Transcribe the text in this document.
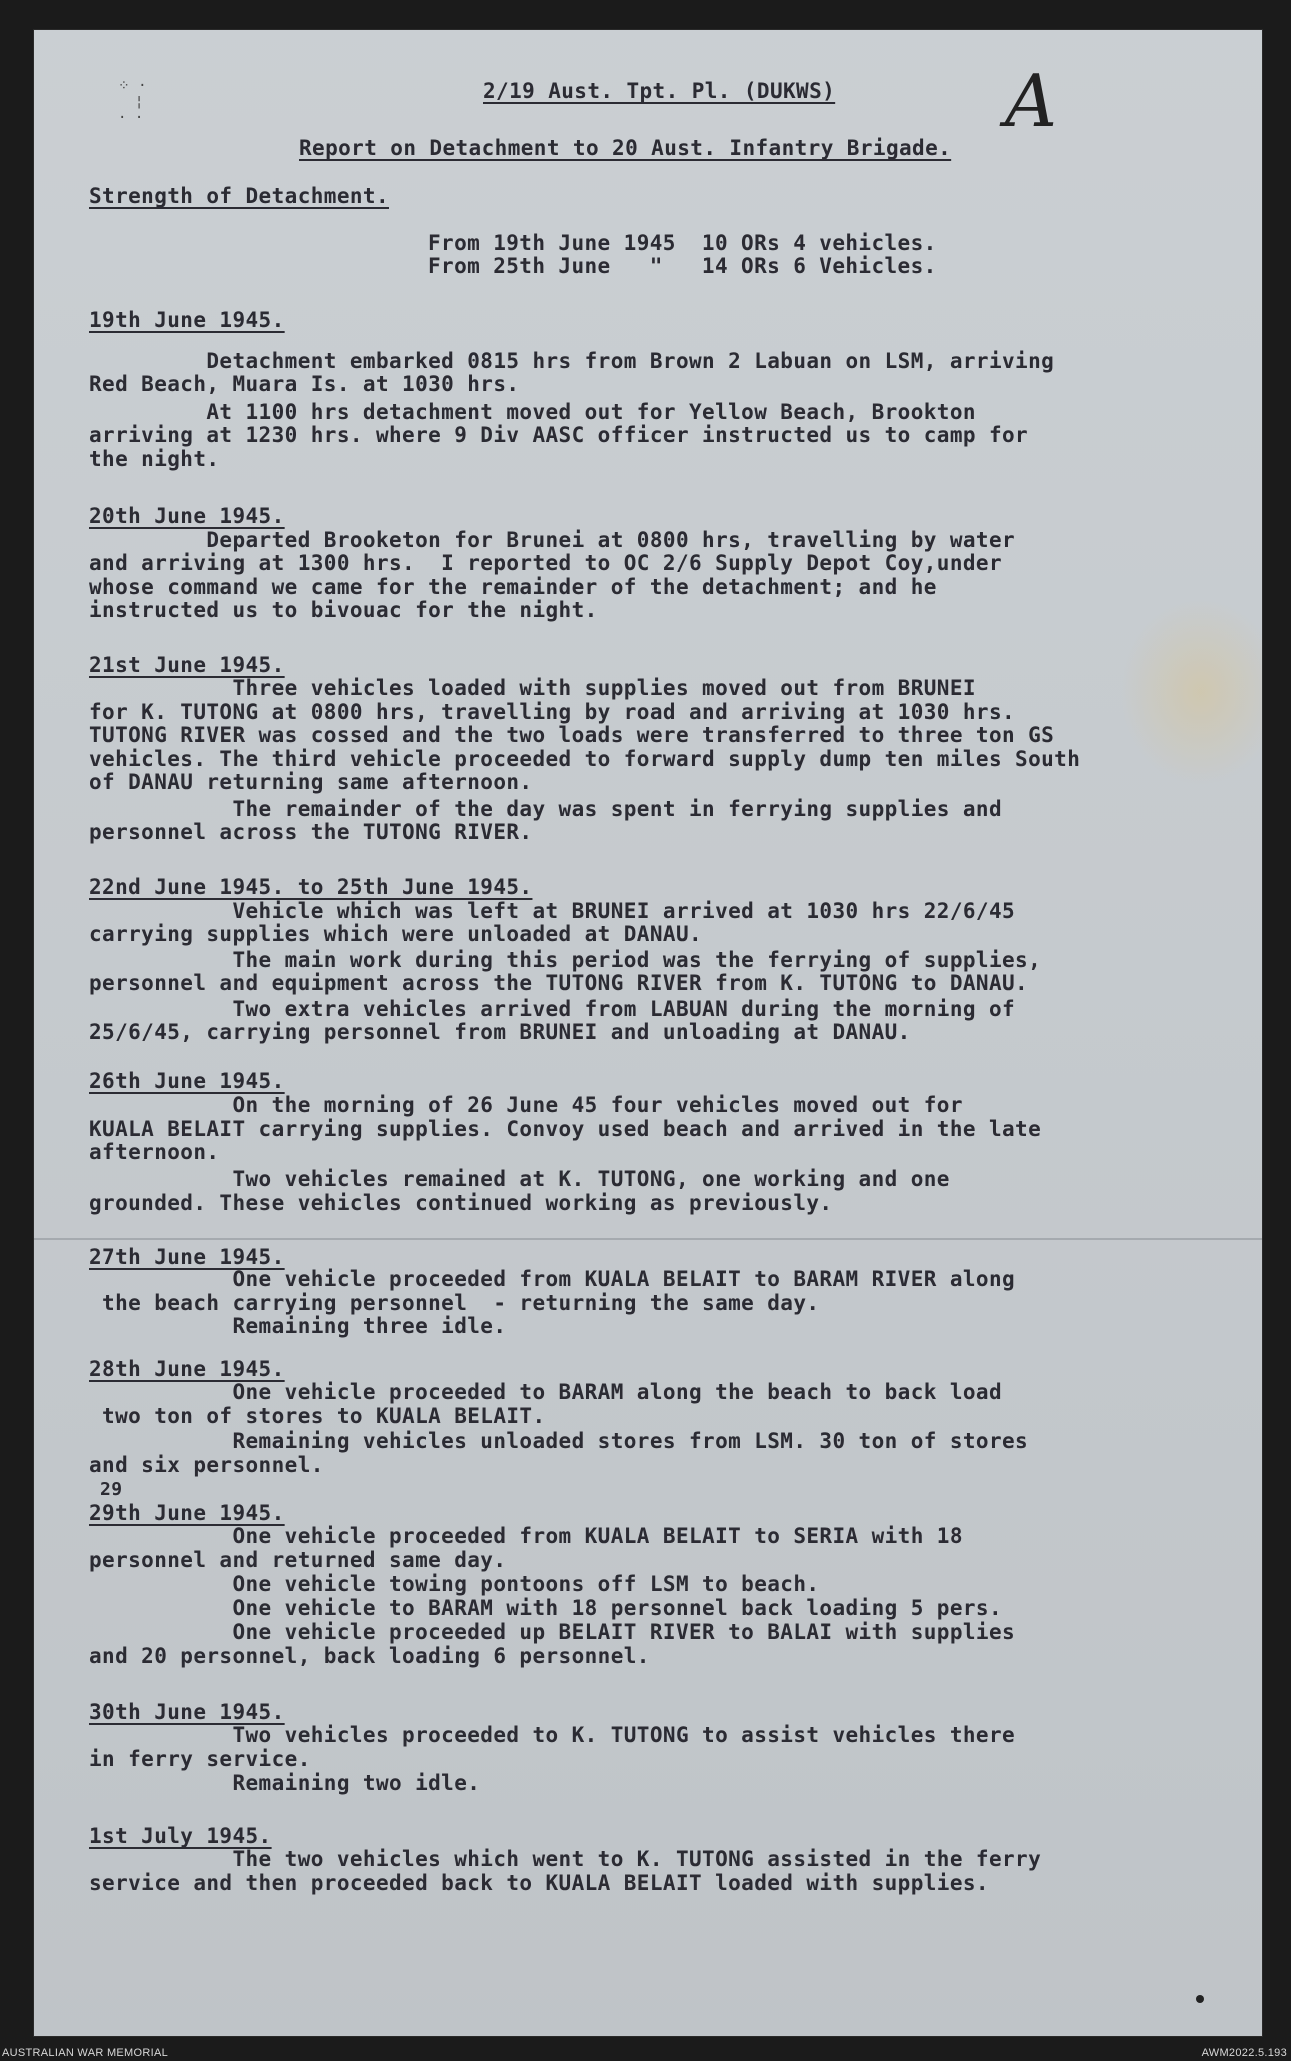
⁘ ·
¦
· ·
2/19 Aust. Tpt. Pl. (DUKWS)
Report on Detachment to 20 Aust. Infantry Brigade.
A
Strength of Detachment.
From 19th June 1945  10 ORs 4 vehicles.
From 25th June   "   14 ORs 6 Vehicles.
19th June 1945.
Detachment embarked 0815 hrs from Brown 2 Labuan on LSM, arriving
Red Beach, Muara Is. at 1030 hrs.
At 1100 hrs detachment moved out for Yellow Beach, Brookton
arriving at 1230 hrs. where 9 Div AASC officer instructed us to camp for
the night.
20th June 1945.
Departed Brooketon for Brunei at 0800 hrs, travelling by water
and arriving at 1300 hrs.  I reported to OC 2/6 Supply Depot Coy,under
whose command we came for the remainder of the detachment; and he
instructed us to bivouac for the night.
21st June 1945.
Three vehicles loaded with supplies moved out from BRUNEI
for K. TUTONG at 0800 hrs, travelling by road and arriving at 1030 hrs.
TUTONG RIVER was cossed and the two loads were transferred to three ton GS
vehicles. The third vehicle proceeded to forward supply dump ten miles South
of DANAU returning same afternoon.
The remainder of the day was spent in ferrying supplies and
personnel across the TUTONG RIVER.
22nd June 1945. to 25th June 1945.
Vehicle which was left at BRUNEI arrived at 1030 hrs 22/6/45
carrying supplies which were unloaded at DANAU.
The main work during this period was the ferrying of supplies,
personnel and equipment across the TUTONG RIVER from K. TUTONG to DANAU.
Two extra vehicles arrived from LABUAN during the morning of
25/6/45, carrying personnel from BRUNEI and unloading at DANAU.
26th June 1945.
On the morning of 26 June 45 four vehicles moved out for
KUALA BELAIT carrying supplies. Convoy used beach and arrived in the late
afternoon.
Two vehicles remained at K. TUTONG, one working and one
grounded. These vehicles continued working as previously.
27th June 1945.
One vehicle proceeded from KUALA BELAIT to BARAM RIVER along
the beach carrying personnel  - returning the same day.
Remaining three idle.
28th June 1945.
One vehicle proceeded to BARAM along the beach to back load
two ton of stores to KUALA BELAIT.
Remaining vehicles unloaded stores from LSM. 30 ton of stores
and six personnel.
29th June 1945.
One vehicle proceeded from KUALA BELAIT to SERIA with 18
personnel and returned same day.
One vehicle towing pontoons off LSM to beach.
One vehicle to BARAM with 18 personnel back loading 5 pers.
One vehicle proceeded up BELAIT RIVER to BALAI with supplies
and 20 personnel, back loading 6 personnel.
30th June 1945.
Two vehicles proceeded to K. TUTONG to assist vehicles there
in ferry service.
Remaining two idle.
1st July 1945.
The two vehicles which went to K. TUTONG assisted in the ferry
service and then proceeded back to KUALA BELAIT loaded with supplies.
29
AUSTRALIAN WAR MEMORIAL	AWM2022.5.193
